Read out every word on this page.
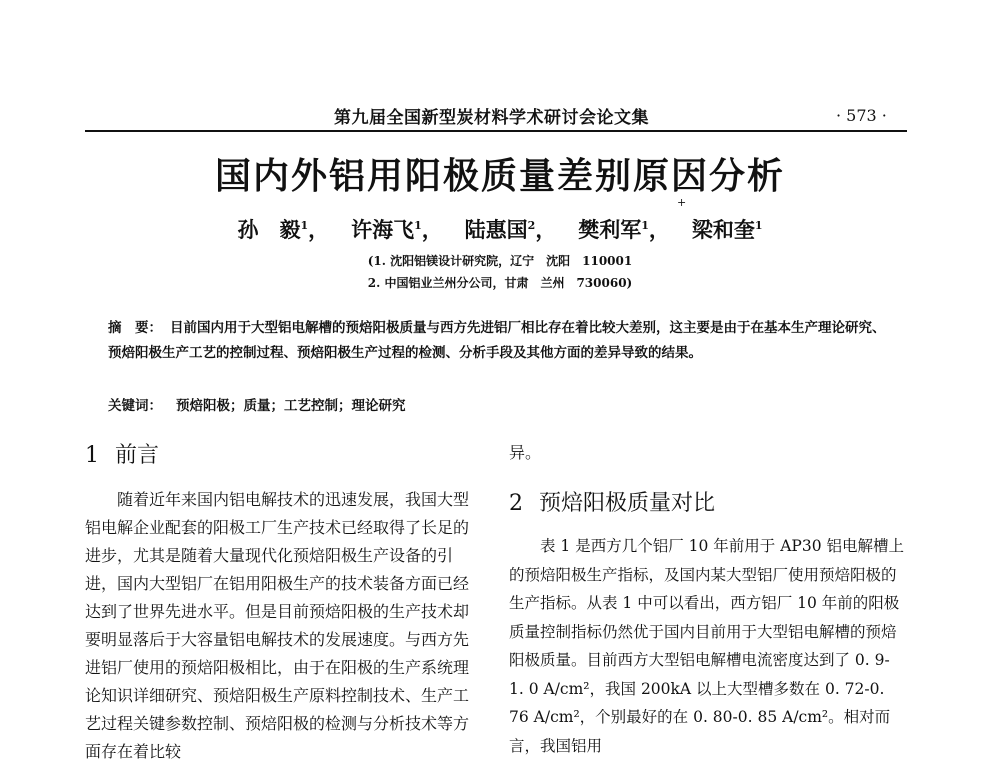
第九届全国新型炭材料学术研讨会论文集	· 573 ·
国内外铝用阳极质量差别原因分析
+
孙　毅$^1$，   许海飞$^1$，   陆惠国$^2$，   樊利军$^1$，   梁和奎$^1$
(1. 沈阳铝镁设计研究院，辽宁　沈阳　110001
2. 中国铝业兰州分公司，甘肃　兰州　730060)
摘　要： 目前国内用于大型铝电解槽的预焙阳极质量与西方先进铝厂相比存在着比较大差别，这主要是由于在基本生产理论研究、预焙阳极生产工艺的控制过程、预焙阳极生产过程的检测、分析手段及其他方面的差异导致的结果。
关键词： 预焙阳极；质量；工艺控制；理论研究
1 前言

随着近年来国内铝电解技术的迅速发展，我国大型铝电解企业配套的阳极工厂生产技术已经取得了长足的进步，尤其是随着大量现代化预焙阳极生产设备的引进，国内大型铝厂在铝用阳极生产的技术装备方面已经达到了世界先进水平。但是目前预焙阳极的生产技术却要明显落后于大容量铝电解技术的发展速度。与西方先进铝厂使用的预焙阳极相比，由于在阳极的生产系统理论知识详细研究、预焙阳极生产原料控制技术、生产工艺过程关键参数控制、预焙阳极的检测与分析技术等方面存在着比较

异。
2 预焙阳极质量对比

表 1 是西方几个铝厂 10 年前用于 AP30 铝电解槽上的预焙阳极生产指标，及国内某大型铝厂使用预焙阳极的生产指标。从表 1 中可以看出，西方铝厂 10 年前的阳极质量控制指标仍然优于国内目前用于大型铝电解槽的预焙阳极质量。目前西方大型铝电解槽电流密度达到了 0. 9-1. 0 A/cm²，我国 200kA 以上大型槽多数在 0. 72-0. 76 A/cm²，个别最好的在 0. 80-0. 85 A/cm²。相对而言，我国铝用
